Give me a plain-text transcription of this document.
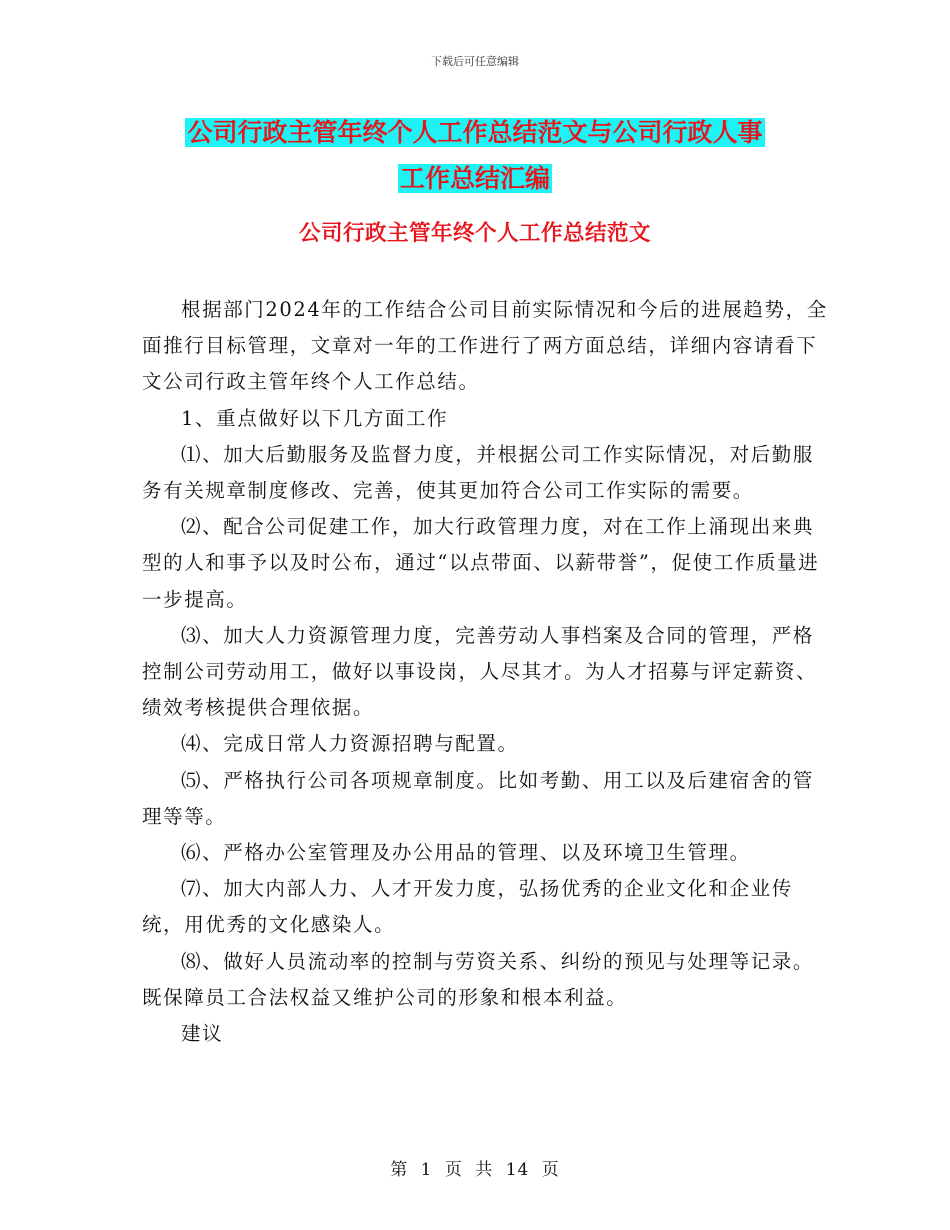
下载后可任意编辑
公司行政主管年终个人工作总结范文与公司行政人事
工作总结汇编
公司行政主管年终个人工作总结范文

根据部门2024年的工作结合公司目前实际情况和今后的进展趋势，全面推行目标管理，文章对一年的工作进行了两方面总结，详细内容请看下文公司行政主管年终个人工作总结。

1、重点做好以下几方面工作

⑴、加大后勤服务及监督力度，并根据公司工作实际情况，对后勤服务有关规章制度修改、完善，使其更加符合公司工作实际的需要。

⑵、配合公司促建工作，加大行政管理力度，对在工作上涌现出来典型的人和事予以及时公布，通过“以点带面、以薪带誉”，促使工作质量进一步提高。

⑶、加大人力资源管理力度，完善劳动人事档案及合同的管理，严格控制公司劳动用工，做好以事设岗，人尽其才。为人才招募与评定薪资、绩效考核提供合理依据。

⑷、完成日常人力资源招聘与配置。

⑸、严格执行公司各项规章制度。比如考勤、用工以及后建宿舍的管理等等。

⑹、严格办公室管理及办公用品的管理、以及环境卫生管理。

⑺、加大内部人力、人才开发力度，弘扬优秀的企业文化和企业传统，用优秀的文化感染人。

⑻、做好人员流动率的控制与劳资关系、纠纷的预见与处理等记录。既保障员工合法权益又维护公司的形象和根本利益。

建议

第 1 页 共 14 页
